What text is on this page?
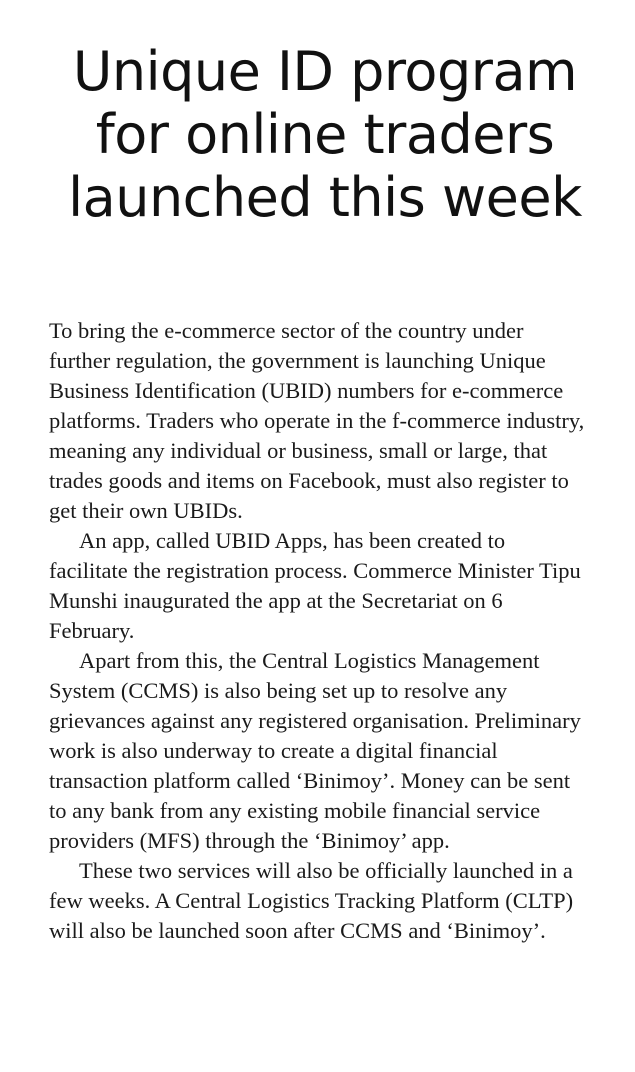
Unique ID program for online traders launched this week

To bring the e-commerce sector of the country under further regulation, the government is launching Unique Business Identification (UBID) numbers for e-commerce platforms. Traders who operate in the f-commerce industry, meaning any individual or business, small or large, that trades goods and items on Facebook, must also register to get their own UBIDs.

An app, called UBID Apps, has been created to facilitate the registration process. Commerce Minister Tipu Munshi inaugurated the app at the Secretariat on 6 February.

Apart from this, the Central Logistics Management System (CCMS) is also being set up to resolve any grievances against any registered organisation. Preliminary work is also underway to create a digital financial transaction platform called ‘Binimoy’. Money can be sent to any bank from any existing mobile financial service providers (MFS) through the ‘Binimoy’ app.

These two services will also be officially launched in a few weeks. A Central Logistics Tracking Platform (CLTP) will also be launched soon after CCMS and ‘Binimoy’.
